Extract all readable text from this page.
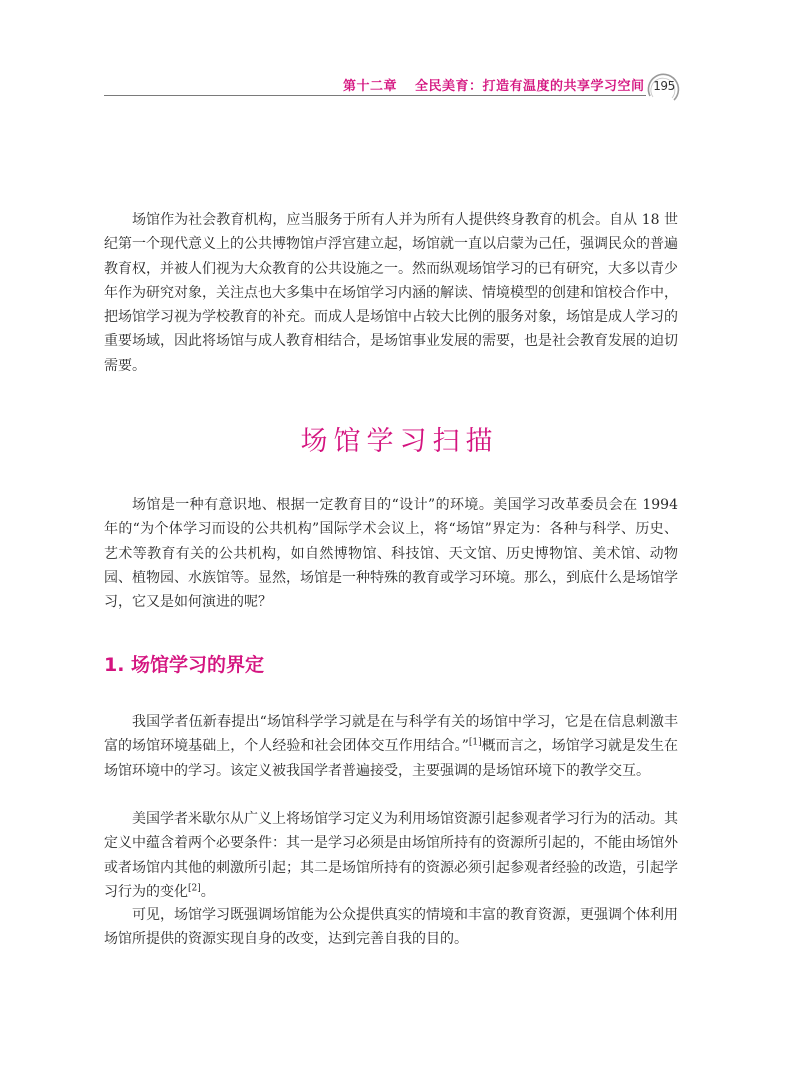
第十二章 全民美育：打造有温度的共享学习空间 195

场馆作为社会教育机构，应当服务于所有人并为所有人提供终身教育的机会。自从 18 世纪第一个现代意义上的公共博物馆卢浮宫建立起，场馆就一直以启蒙为己任，强调民众的普遍教育权，并被人们视为大众教育的公共设施之一。然而纵观场馆学习的已有研究，大多以青少年作为研究对象，关注点也大多集中在场馆学习内涵的解读、情境模型的创建和馆校合作中，把场馆学习视为学校教育的补充。而成人是场馆中占较大比例的服务对象，场馆是成人学习的重要场域，因此将场馆与成人教育相结合，是场馆事业发展的需要，也是社会教育发展的迫切需要。

场馆学习扫描

场馆是一种有意识地、根据一定教育目的“设计”的环境。美国学习改革委员会在 1994 年的“为个体学习而设的公共机构”国际学术会议上，将“场馆”界定为：各种与科学、历史、艺术等教育有关的公共机构，如自然博物馆、科技馆、天文馆、历史博物馆、美术馆、动物园、植物园、水族馆等。显然，场馆是一种特殊的教育或学习环境。那么，到底什么是场馆学习，它又是如何演进的呢？

1. 场馆学习的界定

我国学者伍新春提出“场馆科学学习就是在与科学有关的场馆中学习，它是在信息刺激丰富的场馆环境基础上，个人经验和社会团体交互作用结合。”[1]概而言之，场馆学习就是发生在场馆环境中的学习。该定义被我国学者普遍接受，主要强调的是场馆环境下的教学交互。

美国学者米歇尔从广义上将场馆学习定义为利用场馆资源引起参观者学习行为的活动。其定义中蕴含着两个必要条件：其一是学习必须是由场馆所持有的资源所引起的，不能由场馆外或者场馆内其他的刺激所引起；其二是场馆所持有的资源必须引起参观者经验的改造，引起学习行为的变化[2]。

可见，场馆学习既强调场馆能为公众提供真实的情境和丰富的教育资源，更强调个体利用场馆所提供的资源实现自身的改变，达到完善自我的目的。
